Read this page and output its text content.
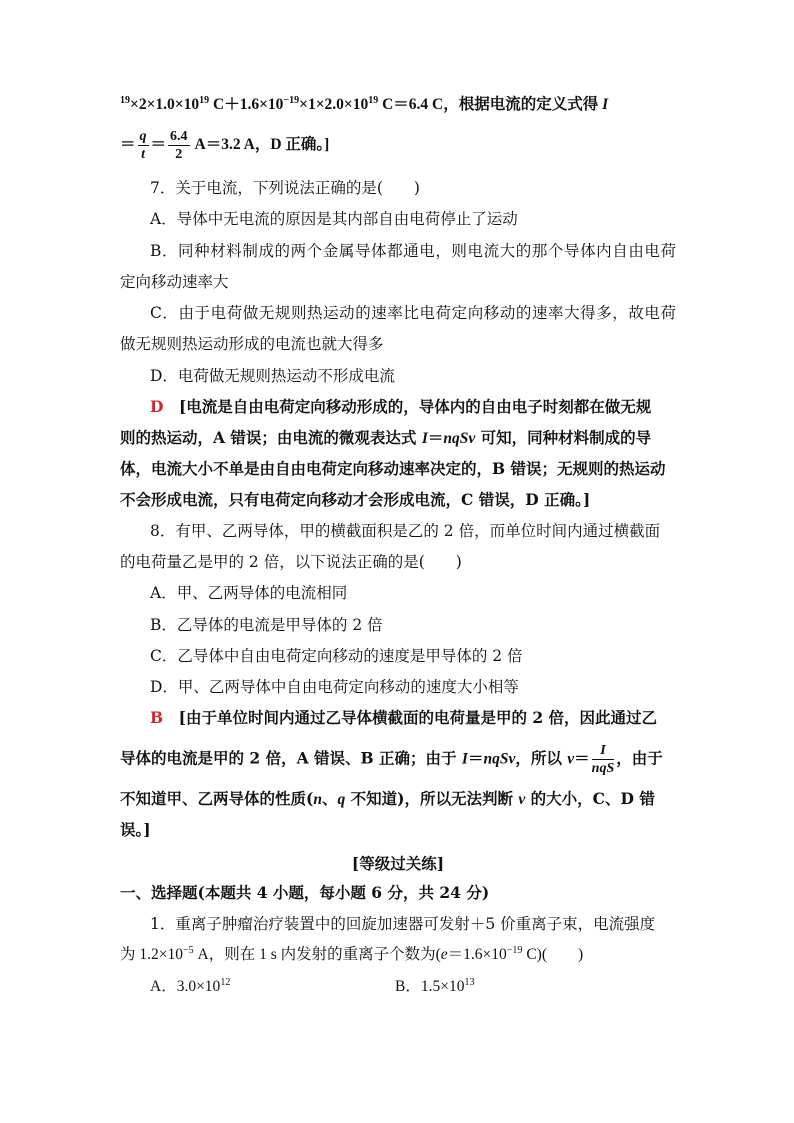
$^{19}\times 2\times 1.0\times 10^{19}$ $C+1.6\times 10^{-19}\times 1\times 2.0\times 10^{19}$ C＝6.4 C，根据电流的定义式得 I
＝ $\frac{q}{t} = \frac{6.4}{2} A=3.2$ A，D 正确。]
7．关于电流，下列说法正确的是(　　)
A．导体中无电流的原因是其内部自由电荷停止了运动
B．同种材料制成的两个金属导体都通电，则电流大的那个导体内自由电荷
定向移动速率大
C．由于电荷做无规则热运动的速率比电荷定向移动的速率大得多，故电荷
做无规则热运动形成的电流也就大得多
D．电荷做无规则热运动不形成电流
D　 [电流是自由电荷定向移动形成的，导体内的自由电子时刻都在做无规
则的热运动，A 错误；由电流的微观表达式 I＝nqSv 可知，同种材料制成的导
体，电流大小不单是由自由电荷定向移动速率决定的，B 错误；无规则的热运动
不会形成电流，只有电荷定向移动才会形成电流，C 错误，D 正确。]
8．有甲、乙两导体，甲的横截面积是乙的 2 倍，而单位时间内通过横截面
的电荷量乙是甲的 2 倍，以下说法正确的是(　　)
A．甲、乙两导体的电流相同
B．乙导体的电流是甲导体的 2 倍
C．乙导体中自由电荷定向移动的速度是甲导体的 2 倍
D．甲、乙两导体中自由电荷定向移动的速度大小相等
B　 [由于单位时间内通过乙导体横截面的电荷量是甲的 2 倍，因此通过乙
导体的电流是甲的 2 倍，A 错误、B 正确；由于 I＝nqSv，所以 $v= \frac{I}{\text{nqS}}$ ，由于
不知道甲、乙两导体的性质(n、q 不知道)，所以无法判断 v 的大小，C、D 错
误。]
[等级过关练]
一、选择题(本题共 4 小题，每小题 6 分，共 24 分)
1．重离子肿瘤治疗装置中的回旋加速器可发射＋5 价重离子束，电流强度
为 $1.2\times 10^{-5}$ A，则在 1 s 内发射的重离子个数为($e=1.6\times 10^{-19}$ C)(　　)
A．$3.0\times 10^{12}$	B．$1.5\times 10^{13}$
